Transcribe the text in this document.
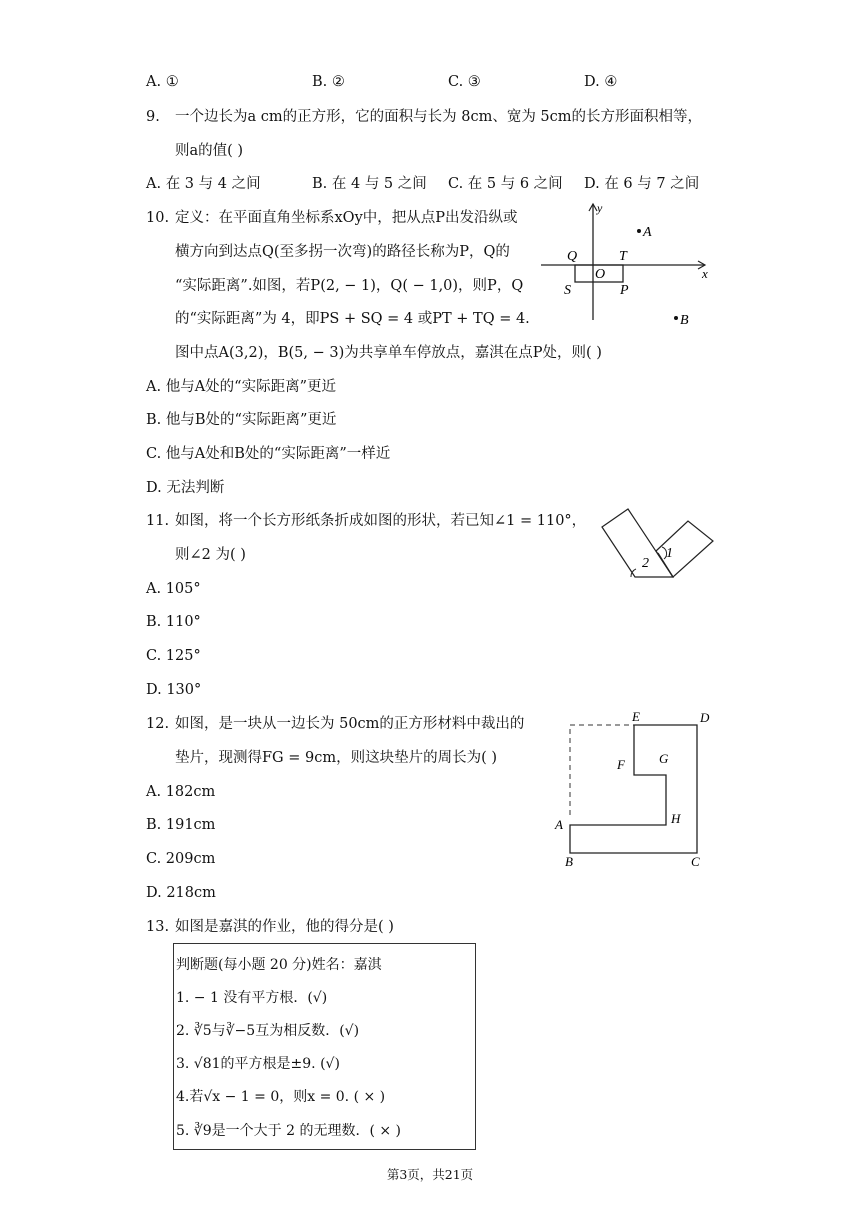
A. ①	B. ②	C. ③	D. ④
9. 一个边长为a cm的正方形，它的面积与长为 8cm、宽为 5cm的长方形面积相等，
则a的值( )
A. 在 3 与 4 之间	B. 在 4 与 5 之间 C. 在 5 与 6 之间 D. 在 6 与 7 之间
10. 定义：在平面直角坐标系xOy中，把从点P出发沿纵或
横方向到达点Q(至多拐一次弯)的路径长称为P，Q的
“实际距离”.如图，若P(2, − 1)，Q( − 1,0)，则P，Q
的“实际距离”为 4，即PS + SQ = 4 或PT + TQ = 4.
图中点A(3,2)，B(5, − 3)为共享单车停放点，嘉淇在点P处，则( )
A. 他与A处的“实际距离”更近
B. 他与B处的“实际距离”更近
C. 他与A处和B处的“实际距离”一样近
D. 无法判断
y
x
A
B
Q
O
T
S	P
11. 如图，将一个长方形纸条折成如图的形状，若已知∠1 = 110°，
则∠2 为( )
A. 105°
B. 110°
C. 125°
D. 130°
1
2
12. 如图，是一块从一边长为 50cm的正方形材料中裁出的
垫片，现测得FG = 9cm，则这块垫片的周长为( )
A. 182cm
B. 191cm
C. 209cm
D. 218cm
E	D
F	G
H
A
B	C
13. 如图是嘉淇的作业，他的得分是( )
判断题(每小题 20 分)姓名：嘉淇
1. − 1 没有平方根．(√)
2. ∛5与∛−5互为相反数．(√)
3. √81的平方根是±9. (√)
4.若√x − 1 = 0，则x = 0. ( × )
5. ∛9是一个大于 2 的无理数．( × )
第3页，共21页
